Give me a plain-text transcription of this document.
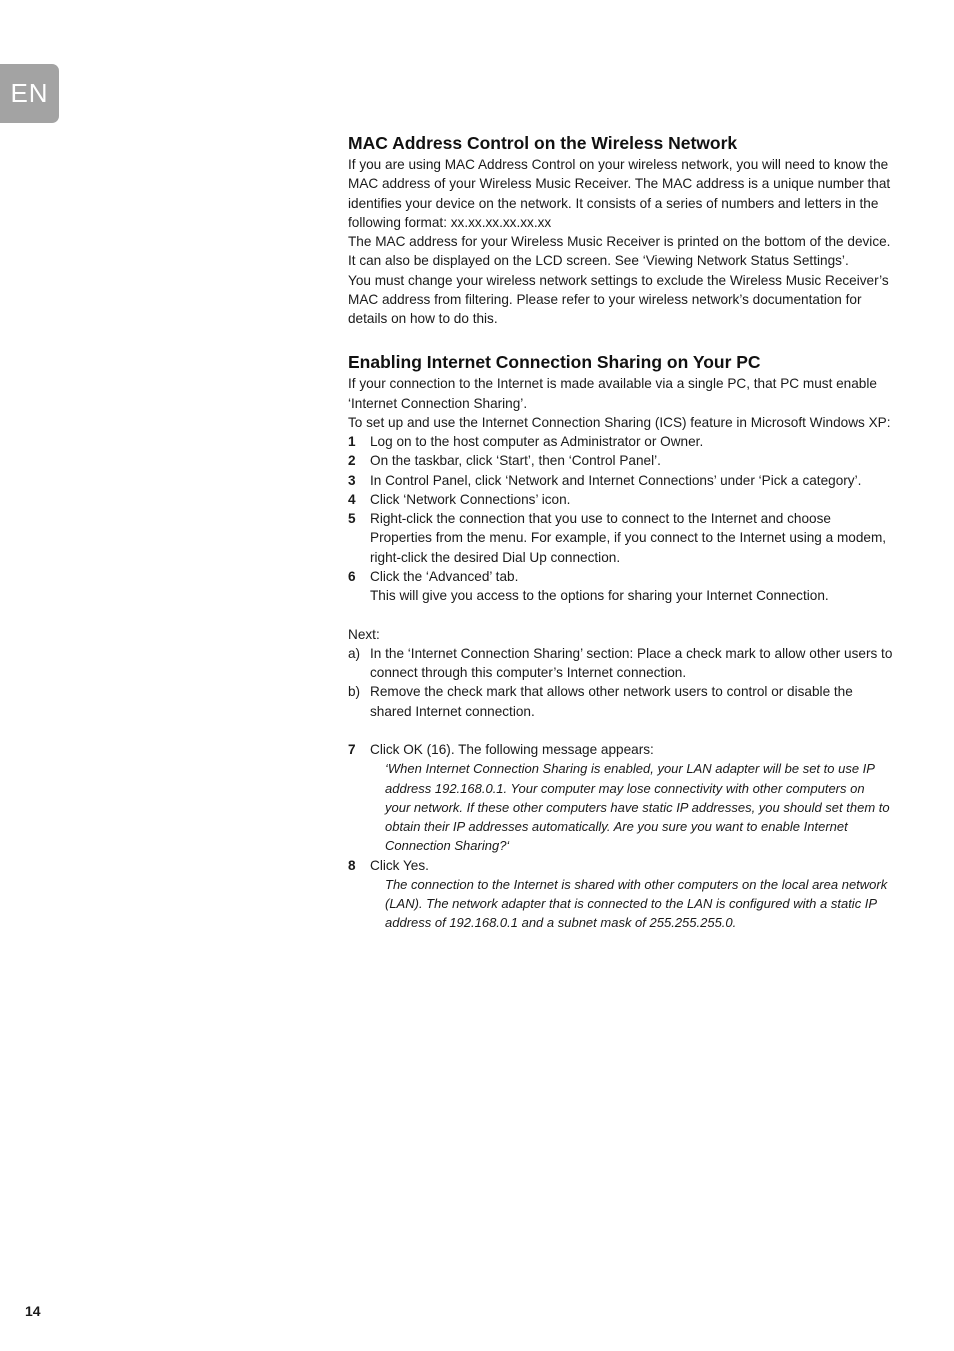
EN
MAC Address Control on the Wireless Network

If you are using MAC Address Control on your wireless network, you will need to know the MAC address of your Wireless Music Receiver. The MAC address is a unique number that identifies your device on the network. It consists of a series of numbers and letters in the following format: xx.xx.xx.xx.xx.xx

The MAC address for your Wireless Music Receiver is printed on the bottom of the device. It can also be displayed on the LCD screen. See ‘Viewing Network Status Settings’.

You must change your wireless network settings to exclude the Wireless Music Receiver’s MAC address from filtering. Please refer to your wireless network’s documentation for details on how to do this.

Enabling Internet Connection Sharing on Your PC

If your connection to the Internet is made available via a single PC, that PC must enable ‘Internet Connection Sharing’.

To set up and use the Internet Connection Sharing (ICS) feature in Microsoft Windows XP:

1	Log on to the host computer as Administrator or Owner.
2	On the taskbar, click ‘Start’, then ‘Control Panel’.
3	In Control Panel, click ‘Network and Internet Connections’ under ‘Pick a category’.
4	Click ‘Network Connections’ icon.
5	Right-click the connection that you use to connect to the Internet and choose Properties from the menu. For example, if you connect to the Internet using a modem, right-click the desired Dial Up connection.
6	Click the ‘Advanced’ tab.
This will give you access to the options for sharing your Internet Connection.

Next:

a) In the ‘Internet Connection Sharing’ section: Place a check mark to allow other users to connect through this computer’s Internet connection.
b) Remove the check mark that allows other network users to control or disable the shared Internet connection.
7	Click OK (16). The following message appears:

‘When Internet Connection Sharing is enabled, your LAN adapter will be set to use IP address 192.168.0.1. Your computer may lose connectivity with other computers on your network. If these other computers have static IP addresses, you should set them to obtain their IP addresses automatically. Are you sure you want to enable Internet Connection Sharing?‘

8	Click Yes.

The connection to the Internet is shared with other computers on the local area network (LAN). The network adapter that is connected to the LAN is configured with a static IP address of 192.168.0.1 and a subnet mask of 255.255.255.0.

14
